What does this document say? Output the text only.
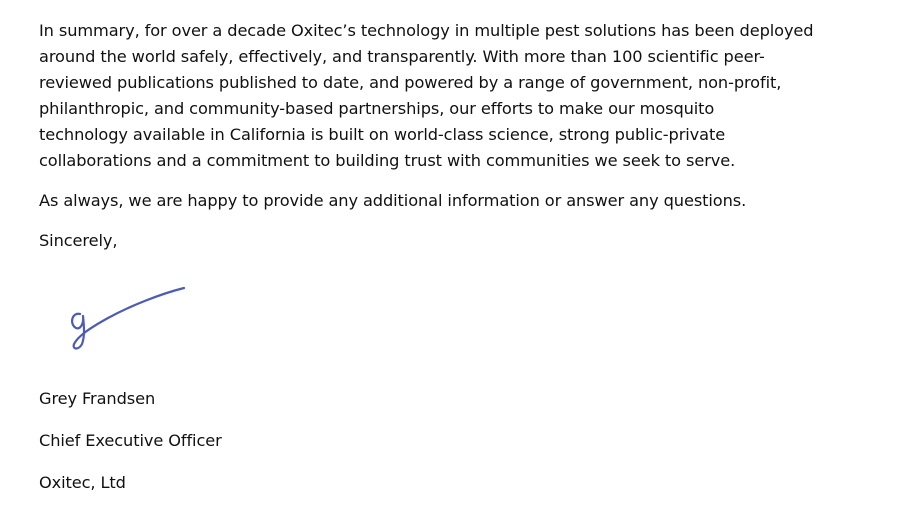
In summary, for over a decade Oxitec’s technology in multiple pest solutions has been deployed
around the world safely, effectively, and transparently. With more than 100 scientific peer-
reviewed publications published to date, and powered by a range of government, non-profit,
philanthropic, and community-based partnerships, our efforts to make our mosquito
technology available in California is built on world-class science, strong public-private
collaborations and a commitment to building trust with communities we seek to serve.

As always, we are happy to provide any additional information or answer any questions.

Sincerely,

Grey Frandsen

Chief Executive Officer

Oxitec, Ltd
